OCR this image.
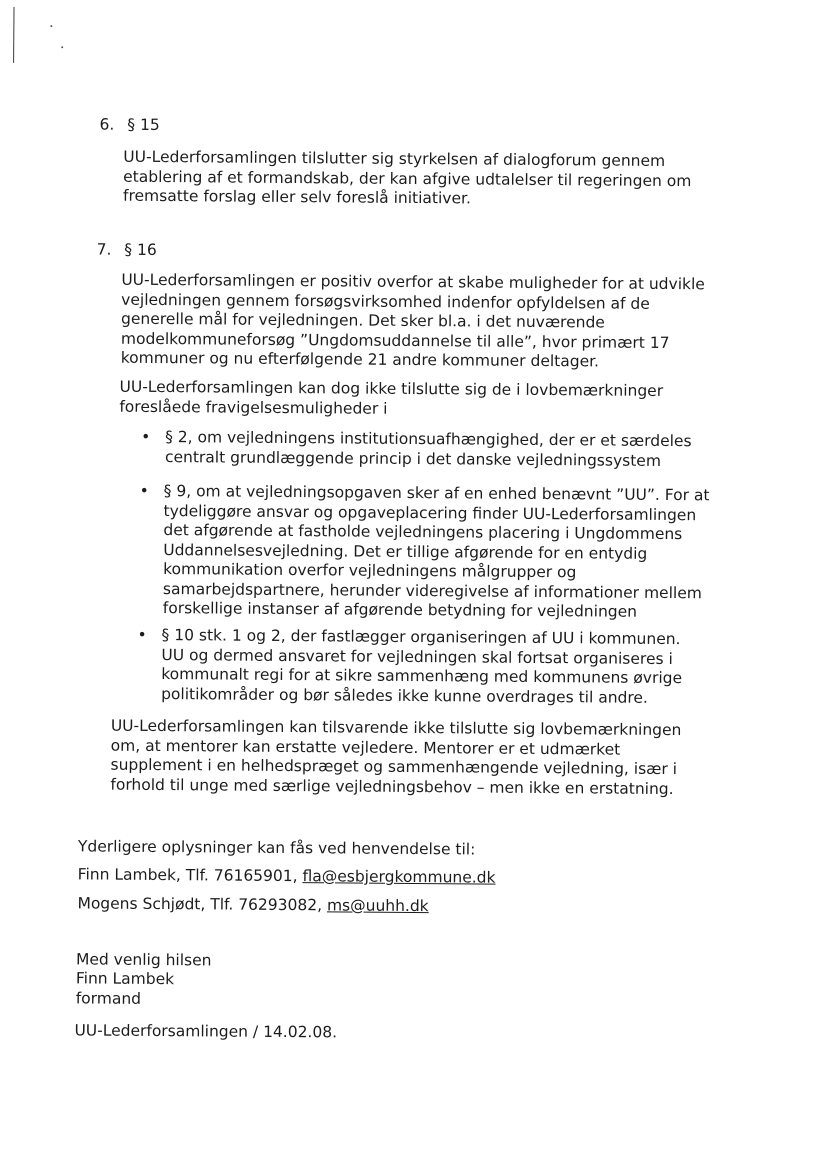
6. § 15
UU-Lederforsamlingen tilslutter sig styrkelsen af dialogforum gennem
etablering af et formandskab, der kan afgive udtalelser til regeringen om
fremsatte forslag eller selv foreslå initiativer.
7. § 16
UU-Lederforsamlingen er positiv overfor at skabe muligheder for at udvikle
vejledningen gennem forsøgsvirksomhed indenfor opfyldelsen af de
generelle mål for vejledningen. Det sker bl.a. i det nuværende
modelkommuneforsøg ”Ungdomsuddannelse til alle”, hvor primært 17
kommuner og nu efterfølgende 21 andre kommuner deltager.
UU-Lederforsamlingen kan dog ikke tilslutte sig de i lovbemærkninger
foreslåede fravigelsesmuligheder i
• § 2, om vejledningens institutionsuafhængighed, der er et særdeles
centralt grundlæggende princip i det danske vejledningssystem
• § 9, om at vejledningsopgaven sker af en enhed benævnt ”UU”. For at
tydeliggøre ansvar og opgaveplacering finder UU-Lederforsamlingen
det afgørende at fastholde vejledningens placering i Ungdommens
Uddannelsesvejledning. Det er tillige afgørende for en entydig
kommunikation overfor vejledningens målgrupper og
samarbejdspartnere, herunder videregivelse af informationer mellem
forskellige instanser af afgørende betydning for vejledningen
• § 10 stk. 1 og 2, der fastlægger organiseringen af UU i kommunen.
UU og dermed ansvaret for vejledningen skal fortsat organiseres i
kommunalt regi for at sikre sammenhæng med kommunens øvrige
politikområder og bør således ikke kunne overdrages til andre.
UU-Lederforsamlingen kan tilsvarende ikke tilslutte sig lovbemærkningen
om, at mentorer kan erstatte vejledere. Mentorer er et udmærket
supplement i en helhedspræget og sammenhængende vejledning, især i
forhold til unge med særlige vejledningsbehov – men ikke en erstatning.
Yderligere oplysninger kan fås ved henvendelse til:
Finn Lambek, Tlf. 76165901, fla@esbjergkommune.dk
Mogens Schjødt, Tlf. 76293082, ms@uuhh.dk
Med venlig hilsen
Finn Lambek
formand
UU-Lederforsamlingen / 14.02.08.
